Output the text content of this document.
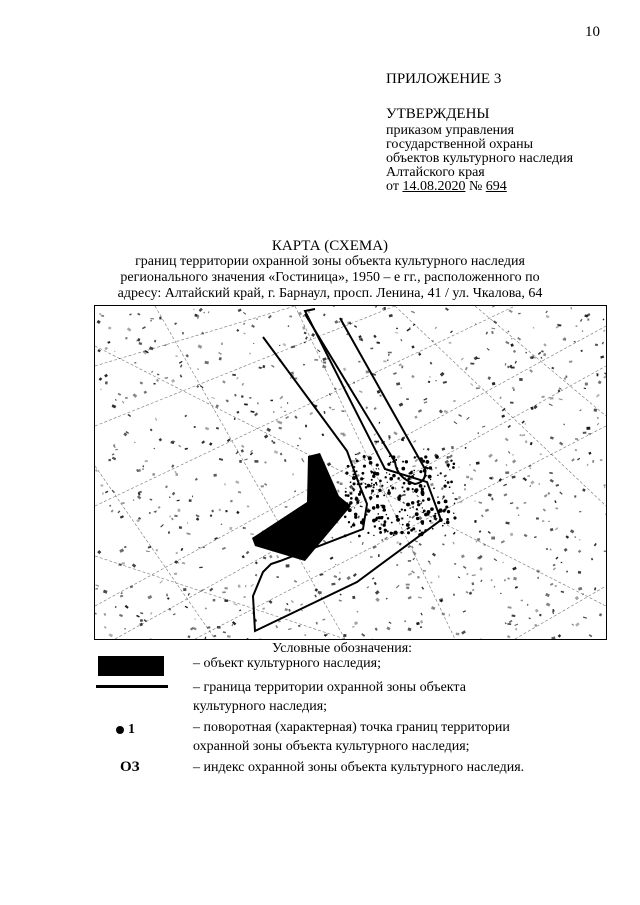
10
ПРИЛОЖЕНИЕ 3
УТВЕРЖДЕНЫ
приказом управления
государственной охраны
объектов культурного наследия
Алтайского края
от 14.08.2020 № 694
КАРТА (СХЕМА)
границ территории охранной зоны объекта культурного наследия
регионального значения «Гостиница», 1950 – е гг., расположенного по
адресу: Алтайский край, г. Барнаул, просп. Ленина, 41 / ул. Чкалова, 64
Условные обозначения:
– объект культурного наследия;
– граница территории охранной зоны объекта
культурного наследия;
1	– поворотная (характерная) точка границ территории
охранной зоны объекта культурного наследия;
ОЗ	– индекс охранной зоны объекта культурного наследия.
